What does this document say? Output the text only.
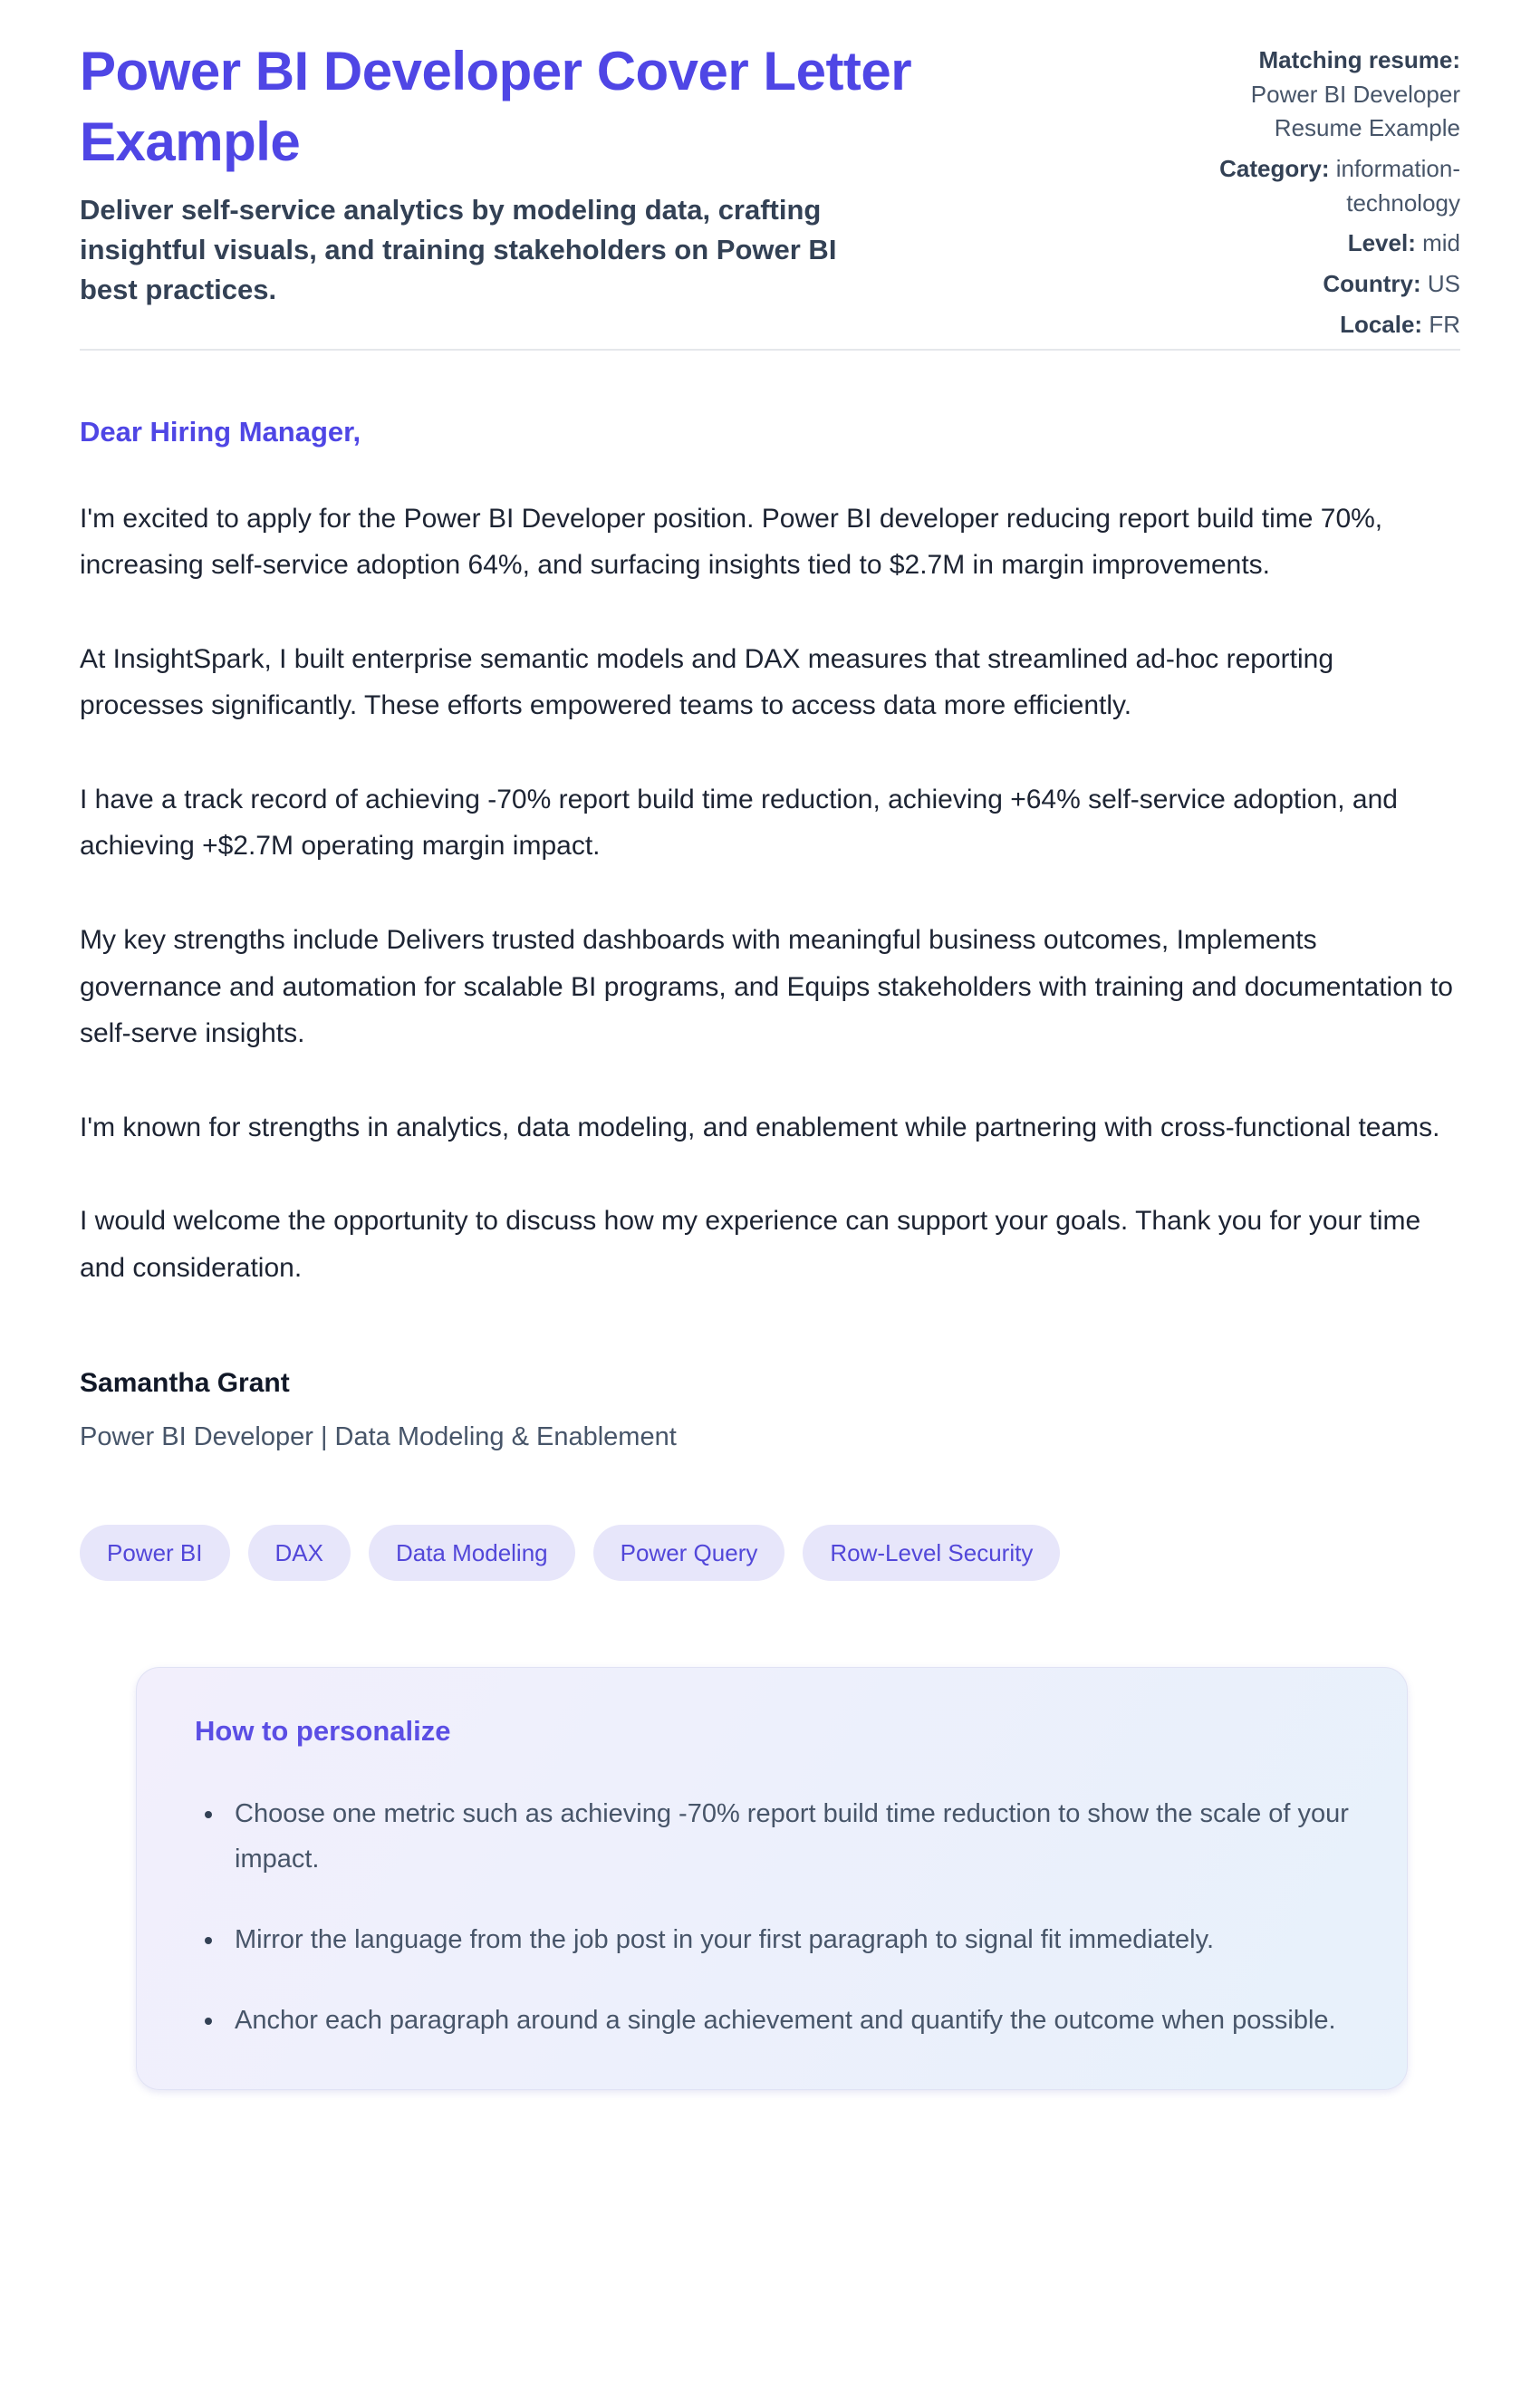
Power BI Developer Cover Letter Example

Deliver self-service analytics by modeling data, crafting insightful visuals, and training stakeholders on Power BI best practices.

Matching resume: Power BI Developer Resume Example
Category: information-technology
Level: mid
Country: US
Locale: FR
Dear Hiring Manager,

I'm excited to apply for the Power BI Developer position. Power BI developer reducing report build time 70%, increasing self-service adoption 64%, and surfacing insights tied to $2.7M in margin improvements.

At InsightSpark, I built enterprise semantic models and DAX measures that streamlined ad-hoc reporting processes significantly. These efforts empowered teams to access data more efficiently.

I have a track record of achieving -70% report build time reduction, achieving +64% self-service adoption, and achieving +$2.7M operating margin impact.

My key strengths include Delivers trusted dashboards with meaningful business outcomes, Implements governance and automation for scalable BI programs, and Equips stakeholders with training and documentation to self-serve insights.

I'm known for strengths in analytics, data modeling, and enablement while partnering with cross-functional teams.

I would welcome the opportunity to discuss how my experience can support your goals. Thank you for your time and consideration.

Samantha Grant

Power BI Developer | Data Modeling & Enablement

Power BI	DAX	Data Modeling	Power Query	Row-Level Security
How to personalize
• Choose one metric such as achieving -70% report build time reduction to show the scale of your impact.
• Mirror the language from the job post in your first paragraph to signal fit immediately.
• Anchor each paragraph around a single achievement and quantify the outcome when possible.
